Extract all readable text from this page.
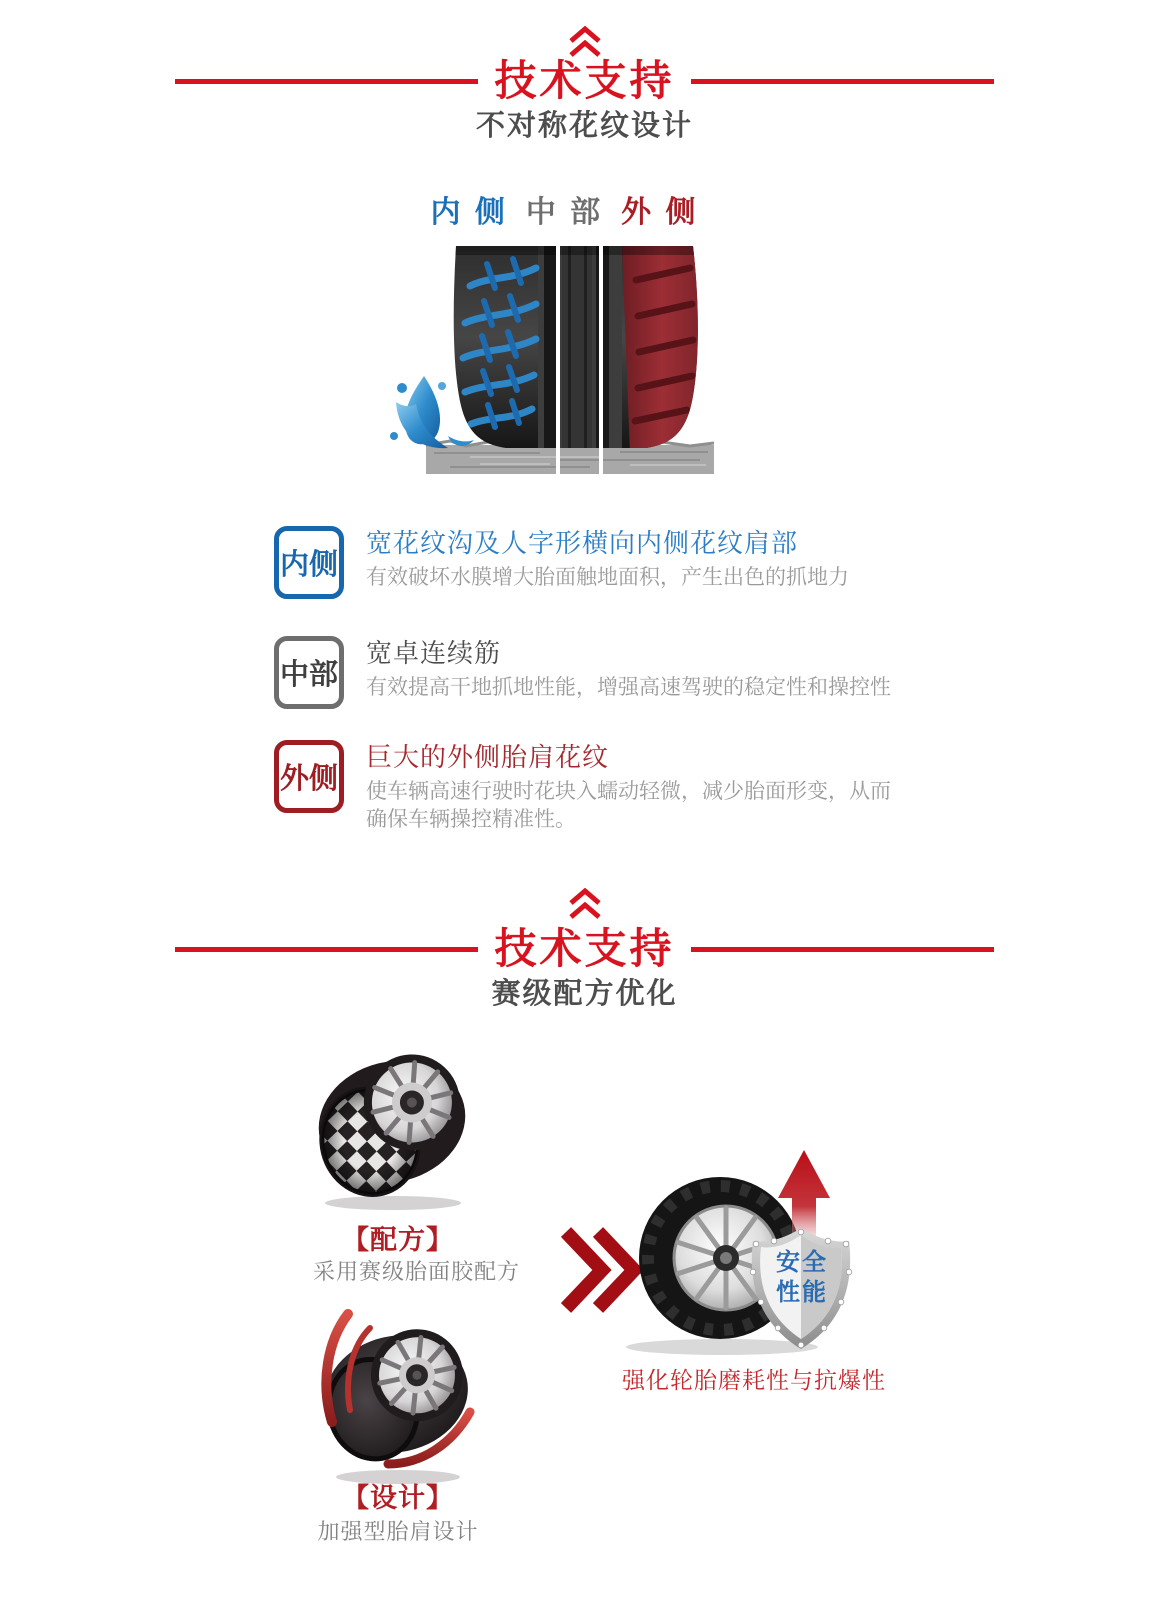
技术支持
不对称花纹设计
内 侧 中 部 外 侧
内侧
宽花纹沟及人字形横向内侧花纹肩部
有效破坏水膜增大胎面触地面积，产生出色的抓地力
中部
宽卓连续筋
有效提高干地抓地性能，增强高速驾驶的稳定性和操控性
外侧
巨大的外侧胎肩花纹
使车辆高速行驶时花块入蠕动轻微，减少胎面形变，从而确保车辆操控精准性。
技术支持
赛级配方优化
【配方】
采用赛级胎面胶配方	安全
性能
强化轮胎磨耗性与抗爆性
【设计】
加强型胎肩设计
